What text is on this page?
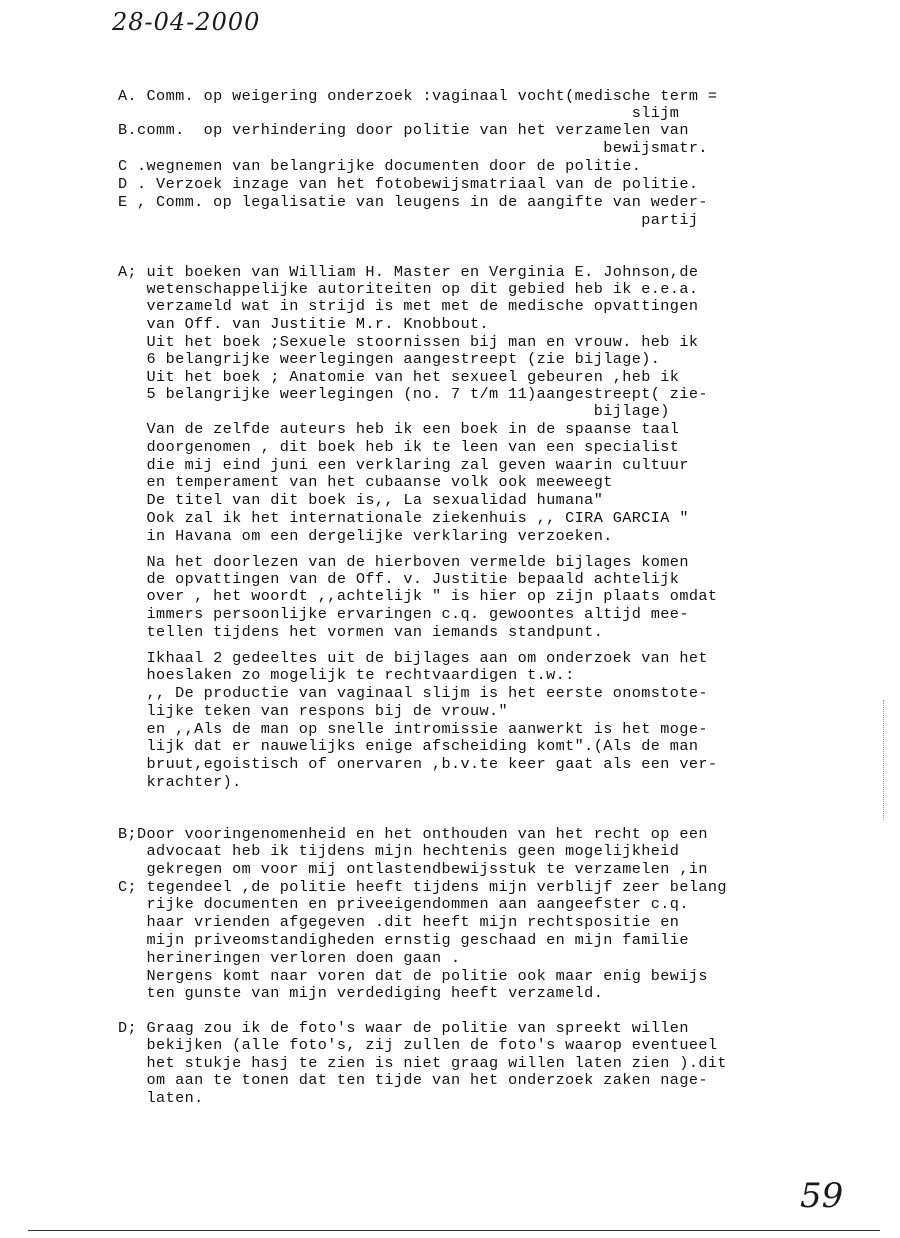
28-04-2000

A. Comm. op weigering onderzoek :vaginaal vocht(medische term =

slijm

B.comm.  op verhindering door politie van het verzamelen van

bewijsmatr.

C .wegnemen van belangrijke documenten door de politie.

D . Verzoek inzage van het fotobewijsmatriaal van de politie.

E , Comm. op legalisatie van leugens in de aangifte van weder-

partij

A; uit boeken van William H. Master en Verginia E. Johnson,de

wetenschappelijke autoriteiten op dit gebied heb ik e.e.a.

verzameld wat in strijd is met met de medische opvattingen

van Off. van Justitie M.r. Knobbout.

Uit het boek ;Sexuele stoornissen bij man en vrouw. heb ik

6 belangrijke weerlegingen aangestreept (zie bijlage).

Uit het boek ; Anatomie van het sexueel gebeuren ,heb ik

5 belangrijke weerlegingen (no. 7 t/m 11)aangestreept( zie-

bijlage)

Van de zelfde auteurs heb ik een boek in de spaanse taal

doorgenomen , dit boek heb ik te leen van een specialist

die mij eind juni een verklaring zal geven waarin cultuur

en temperament van het cubaanse volk ook meeweegt

De titel van dit boek is,, La sexualidad humana"

Ook zal ik het internationale ziekenhuis ,, CIRA GARCIA "

in Havana om een dergelijke verklaring verzoeken.

Na het doorlezen van de hierboven vermelde bijlages komen

de opvattingen van de Off. v. Justitie bepaald achtelijk

over , het woordt ,,achtelijk " is hier op zijn plaats omdat

immers persoonlijke ervaringen c.q. gewoontes altijd mee-

tellen tijdens het vormen van iemands standpunt.

Ikhaal 2 gedeeltes uit de bijlages aan om onderzoek van het

hoeslaken zo mogelijk te rechtvaardigen t.w.:

,, De productie van vaginaal slijm is het eerste onomstote-

lijke teken van respons bij de vrouw."

en ,,Als de man op snelle intromissie aanwerkt is het moge-

lijk dat er nauwelijks enige afscheiding komt".(Als de man

bruut,egoistisch of onervaren ,b.v.te keer gaat als een ver-

krachter).

B;Door vooringenomenheid en het onthouden van het recht op een

advocaat heb ik tijdens mijn hechtenis geen mogelijkheid

gekregen om voor mij ontlastendbewijsstuk te verzamelen ,in

C; tegendeel ,de politie heeft tijdens mijn verblijf zeer belang

rijke documenten en priveeigendommen aan aangeefster c.q.

haar vrienden afgegeven .dit heeft mijn rechtspositie en

mijn priveomstandigheden ernstig geschaad en mijn familie

herineringen verloren doen gaan .

Nergens komt naar voren dat de politie ook maar enig bewijs

ten gunste van mijn verdediging heeft verzameld.

D; Graag zou ik de foto's waar de politie van spreekt willen

bekijken (alle foto's, zij zullen de foto's waarop eventueel

het stukje hasj te zien is niet graag willen laten zien ).dit

om aan te tonen dat ten tijde van het onderzoek zaken nage-

laten.

59
